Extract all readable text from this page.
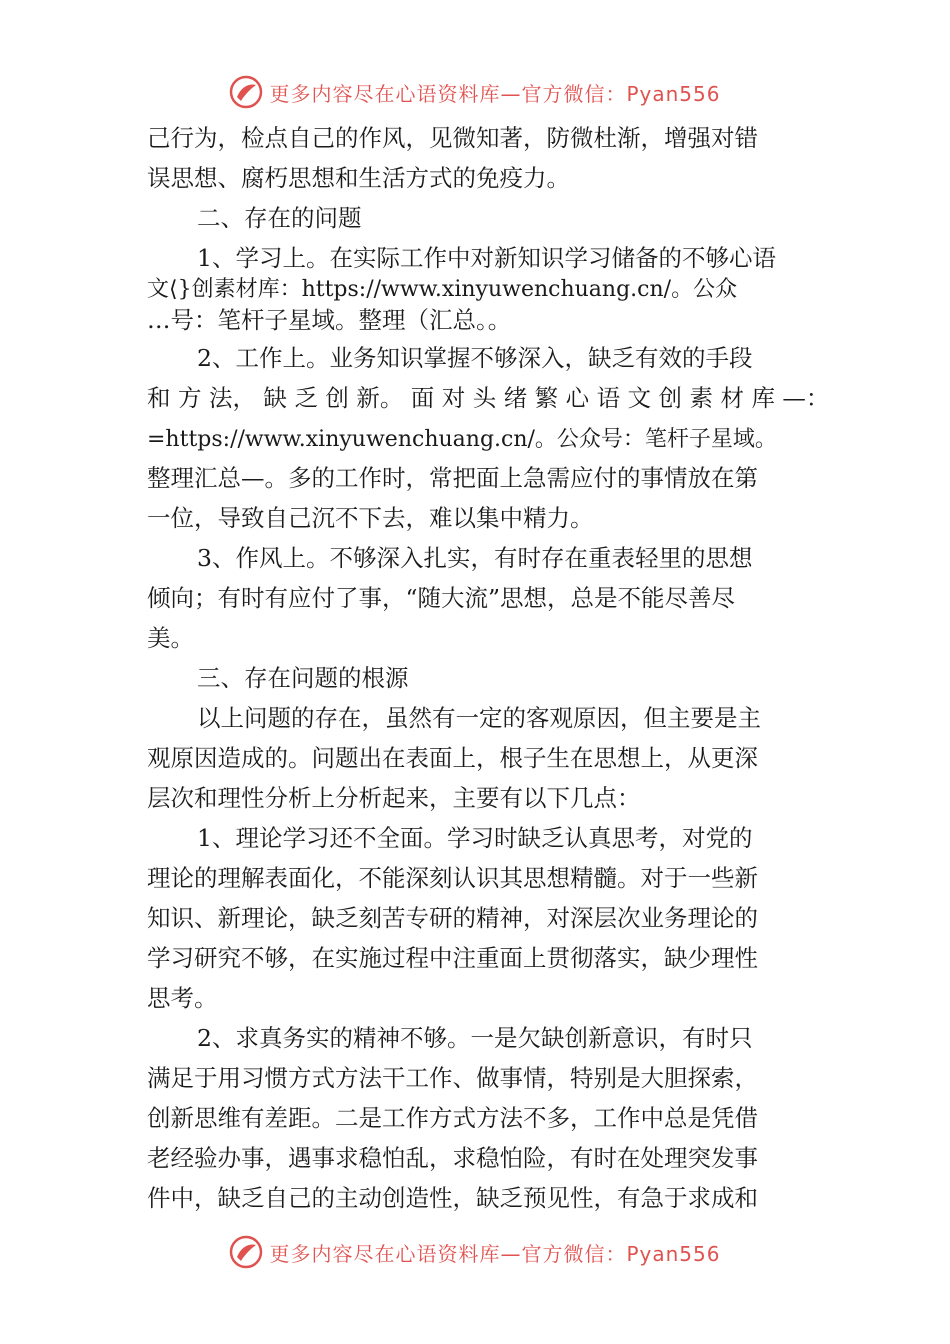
更多内容尽在心语资料库—官方微信：Pyan556
己行为，检点自己的作风，见微知著，防微杜渐，增强对错
误思想、腐朽思想和生活方式的免疫力。
二、存在的问题
1、学习上。在实际工作中对新知识学习储备的不够心语
文⟨}创素材库：https://www.xinyuwenchuang.cn/。公众
…号：笔杆子星域。整理（汇总。。
2、工作上。业务知识掌握不够深入，缺乏有效的手段
和 方 法， 缺 乏 创 新。 面 对 头 绪 繁 心 语 文 创 素 材 库 —：
=https://www.xinyuwenchuang.cn/。公众号：笔杆子星域。
整理汇总—。多的工作时，常把面上急需应付的事情放在第
一位，导致自己沉不下去，难以集中精力。
3、作风上。不够深入扎实，有时存在重表轻里的思想
倾向；有时有应付了事，“随大流”思想，总是不能尽善尽
美。
三、存在问题的根源
以上问题的存在，虽然有一定的客观原因，但主要是主
观原因造成的。问题出在表面上，根子生在思想上，从更深
层次和理性分析上分析起来，主要有以下几点：
1、理论学习还不全面。学习时缺乏认真思考，对党的
理论的理解表面化，不能深刻认识其思想精髓。对于一些新
知识、新理论，缺乏刻苦专研的精神，对深层次业务理论的
学习研究不够，在实施过程中注重面上贯彻落实，缺少理性
思考。
2、求真务实的精神不够。一是欠缺创新意识，有时只
满足于用习惯方式方法干工作、做事情，特别是大胆探索，
创新思维有差距。二是工作方式方法不多，工作中总是凭借
老经验办事，遇事求稳怕乱，求稳怕险，有时在处理突发事
件中，缺乏自己的主动创造性，缺乏预见性，有急于求成和
更多内容尽在心语资料库—官方微信：Pyan556
